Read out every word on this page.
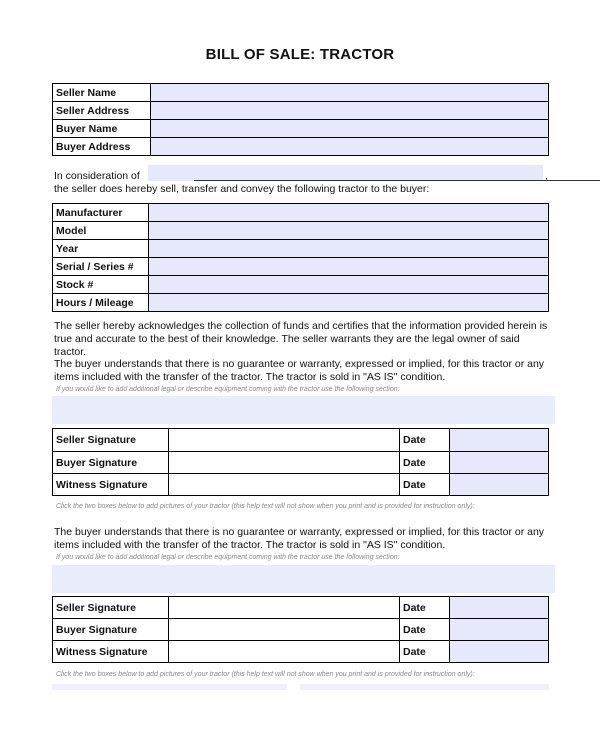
BILL OF SALE: TRACTOR
Seller Name	
Seller Address	
Buyer Name	
Buyer Address	
In consideration of	,
the seller does hereby sell, transfer and convey the following tractor to the buyer:
Manufacturer	
Model	
Year	
Serial / Series #	
Stock #	
Hours / Mileage	
The seller hereby acknowledges the collection of funds and certifies that the information provided herein is true and accurate to the best of their knowledge. The seller warrants they are the legal owner of said tractor.
The buyer understands that there is no guarantee or warranty, expressed or implied, for this tractor or any items included with the transfer of the tractor. The tractor is sold in "AS IS" condition.
If you would like to add additional legal or describe equipment coming with the tractor use the following section:
Seller Signature		Date	
Buyer Signature		Date	
Witness Signature		Date	
Click the two boxes below to add pictures of your tractor (this help text will not show when you print and is provided for instruction only):
The buyer understands that there is no guarantee or warranty, expressed or implied, for this tractor or any items included with the transfer of the tractor. The tractor is sold in "AS IS" condition.
If you would like to add additional legal or describe equipment coming with the tractor use the following section:
Seller Signature		Date	
Buyer Signature		Date	
Witness Signature		Date	
Click the two boxes below to add pictures of your tractor (this help text will not show when you print and is provided for instruction only):
